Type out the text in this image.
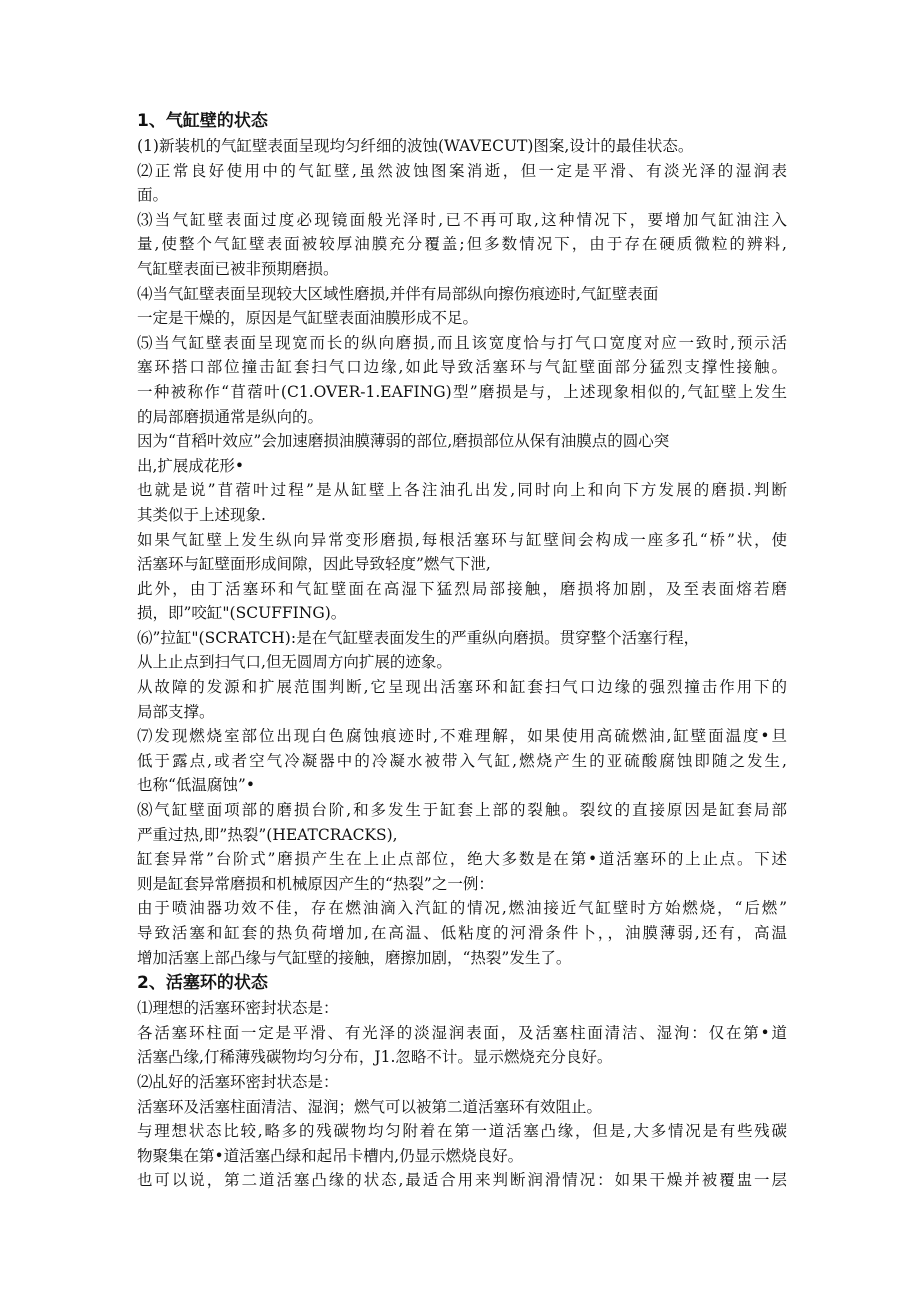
1、气缸壁的状态
(1)新装机的气缸壁表面呈现均匀纤细的波蚀(WAVECUT)图案,设计的最佳状态。
⑵正常良好使用中的气缸壁,虽然波蚀图案消逝，但一定是平滑、有淡光泽的湿润表
面。
⑶当气缸壁表面过度必现镜面般光泽时,已不再可取,这种情况下，要增加气缸油注入
量,使整个气缸壁表面被较厚油膜充分覆盖;但多数情况下，由于存在硬质微粒的辨料,
气缸壁表面已被非预期磨损。
⑷当气缸壁表面呈现较大区域性磨损,并伴有局部纵向擦伤痕迹时,气缸壁表面
一定是干燥的，原因是气缸壁表面油膜形成不足。
⑸当气缸壁表面呈现宽而长的纵向磨损,而且该宽度恰与打气口宽度对应一致时,预示活
塞环搭口部位撞击缸套扫气口边缘,如此导致活塞环与气缸壁面部分猛烈支撑性接触。
一种被称作“苜蓿叶(C1.OVER-1.EAFING)型”磨损是与，上述现象相似的,气缸壁上发生
的局部磨损通常是纵向的。
因为“苜稻叶效应”会加速磨损油膜薄弱的部位,磨损部位从保有油膜点的圆心突
出,扩展成花形•
也就是说”苜蓿叶过程”是从缸壁上各注油孔出发,同时向上和向下方发展的磨损.判断
其类似于上述现象.
如果气缸壁上发生纵向异常变形磨损,每根活塞环与缸壁间会构成一座多孔“桥”状，使
活塞环与缸壁面形成间隙，因此导致轻度”燃气下泄,
此外，由丁活塞环和气缸壁面在高湿下猛烈局部接触，磨损将加剧，及至表面熔若磨
损，即”咬缸"(SCUFFING)。
⑹”拉缸"(SCRATCH):是在气缸壁表面发生的严重纵向磨损。贯穿整个活塞行程，
从上止点到扫气口,但无圆周方向扩展的迹象。
从故障的发源和扩展范围判断,它呈现出活塞环和缸套扫气口边缘的强烈撞击作用下的
局部支撑。
⑺发现燃烧室部位出现白色腐蚀痕迹时,不难理解，如果使用高硫燃油,缸壁面温度•旦
低于露点,或者空气冷凝器中的冷凝水被带入气缸,燃烧产生的亚硫酸腐蚀即随之发生,
也称“低温腐蚀”•
⑻气缸壁面项部的磨损台阶,和多发生于缸套上部的裂触。裂纹的直接原因是缸套局部
严重过热,即”热裂”(HEATCRACKS),
缸套异常”台阶式”磨损产生在上止点部位，绝大多数是在第•道活塞环的上止点。下述
则是缸套异常磨损和机械原因产生的“热裂”之一例：
由于喷油器功效不佳，存在燃油滴入汽缸的情况,燃油接近气缸壁时方始燃烧，“后燃”
导致活塞和缸套的热负荷增加,在高温、低粘度的河滑条件卜，，油膜薄弱,还有，高温
增加活塞上部凸缘与气缸壁的接触，磨擦加剧，“热裂”发生了。
2、活塞环的状态
⑴理想的活塞环密封状态是：
各活塞环柱面一定是平滑、有光泽的淡湿润表面，及活塞柱面清洁、湿洵：仅在第•道
活塞凸缘,仃稀薄残碳物均匀分布，J1.忽略不计。显示燃烧充分良好。
⑵乩好的活塞环密封状态是：
活塞环及活塞柱面清洁、湿润；燃气可以被第二道活塞环有效阻止。
与理想状态比较,略多的残碳物均匀附着在第一道活塞凸缘，但是,大多情况是有些残碳
物聚集在第•道活塞凸绿和起吊卡槽内,仍显示燃烧良好。
也可以说，第二道活塞凸缘的状态,最适合用来判断润滑情况：如果干燥并被覆盅一层
